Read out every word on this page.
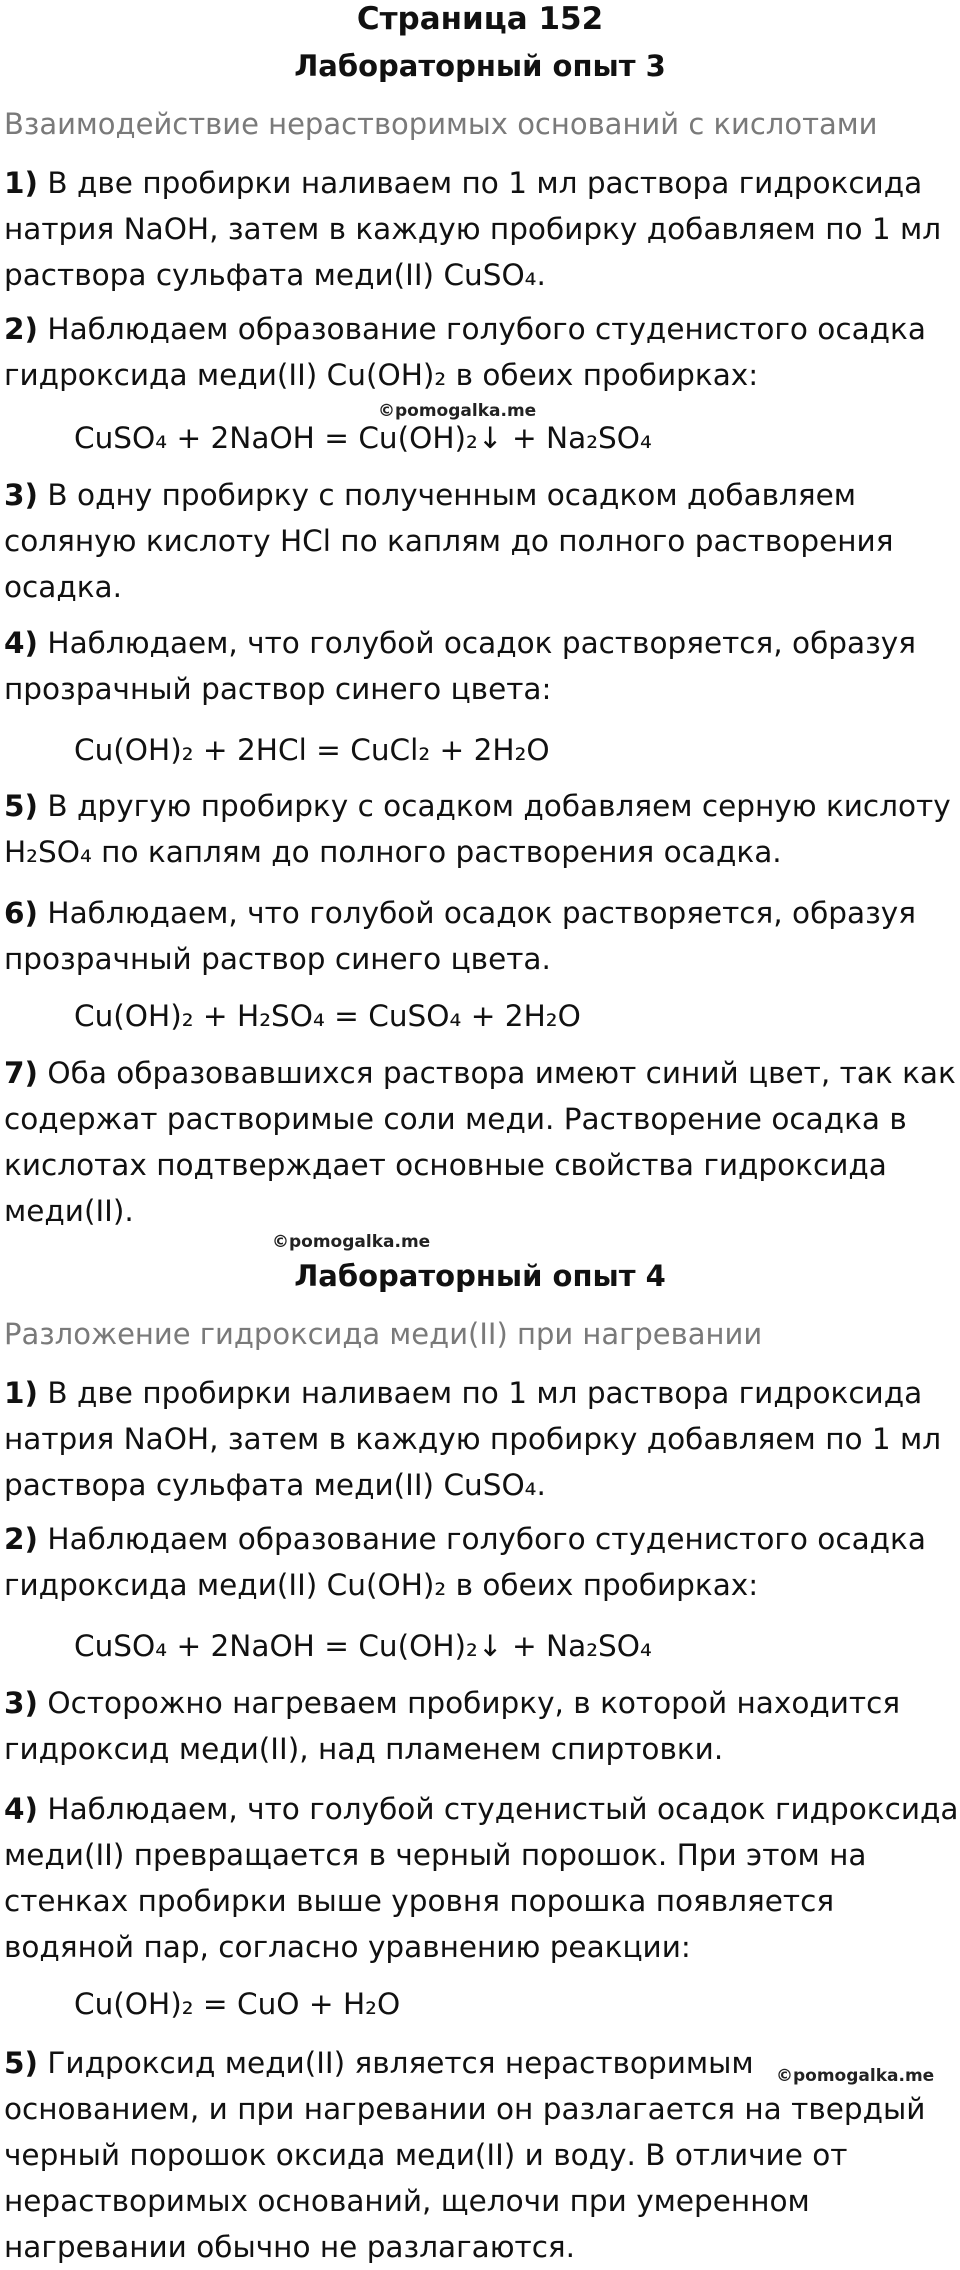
Страница 152
Лабораторный опыт 3
Взаимодействие нерастворимых оснований с кислотами
1) В две пробирки наливаем по 1 мл раствора гидроксида
натрия NaOH, затем в каждую пробирку добавляем по 1 мл
раствора сульфата меди(II) CuSO₄.
2) Наблюдаем образование голубого студенистого осадка
гидроксида меди(II) Cu(OH)₂ в обеих пробирках:
©pomogalka.me
CuSO₄ + 2NaOH = Cu(OH)₂↓ + Na₂SO₄
3) В одну пробирку с полученным осадком добавляем
соляную кислоту HCl по каплям до полного растворения
осадка.
4) Наблюдаем, что голубой осадок растворяется, образуя
прозрачный раствор синего цвета:
Cu(OH)₂ + 2HCl = CuCl₂ + 2H₂O
5) В другую пробирку с осадком добавляем серную кислоту
H₂SO₄ по каплям до полного растворения осадка.
6) Наблюдаем, что голубой осадок растворяется, образуя
прозрачный раствор синего цвета.
Cu(OH)₂ + H₂SO₄ = CuSO₄ + 2H₂O
7) Оба образовавшихся раствора имеют синий цвет, так как
содержат растворимые соли меди. Растворение осадка в
кислотах подтверждает основные свойства гидроксида
меди(II).
©pomogalka.me
Лабораторный опыт 4
Разложение гидроксида меди(II) при нагревании
1) В две пробирки наливаем по 1 мл раствора гидроксида
натрия NaOH, затем в каждую пробирку добавляем по 1 мл
раствора сульфата меди(II) CuSO₄.
2) Наблюдаем образование голубого студенистого осадка
гидроксида меди(II) Cu(OH)₂ в обеих пробирках:
CuSO₄ + 2NaOH = Cu(OH)₂↓ + Na₂SO₄
3) Осторожно нагреваем пробирку, в которой находится
гидроксид меди(II), над пламенем спиртовки.
4) Наблюдаем, что голубой студенистый осадок гидроксида
меди(II) превращается в черный порошок. При этом на
стенках пробирки выше уровня порошка появляется
водяной пар, согласно уравнению реакции:
Cu(OH)₂ = CuO + H₂O
©pomogalka.me
5) Гидроксид меди(II) является нерастворимым
основанием, и при нагревании он разлагается на твердый
черный порошок оксида меди(II) и воду. В отличие от
нерастворимых оснований, щелочи при умеренном
нагревании обычно не разлагаются.
